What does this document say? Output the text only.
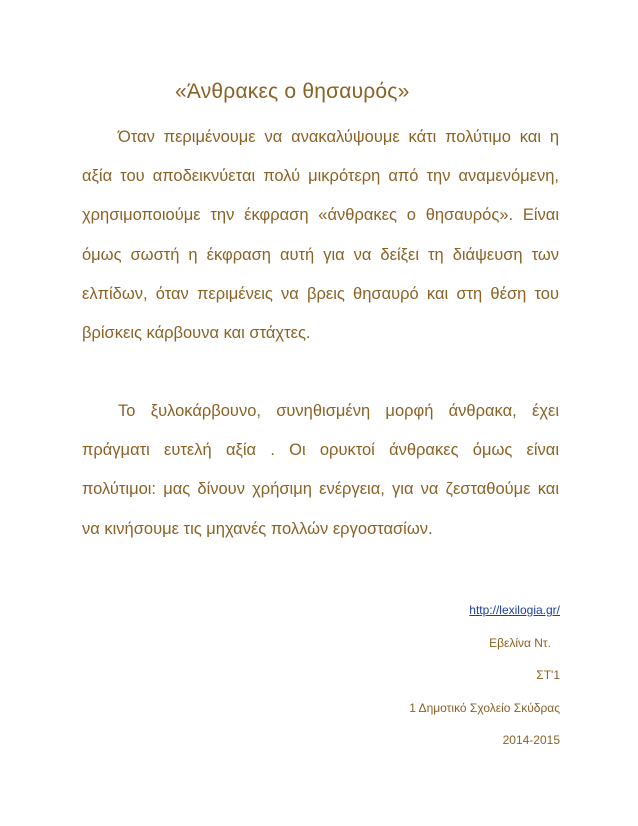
«Άνθρακες ο θησαυρός»

Όταν περιμένουμε να ανακαλύψουμε κάτι πολύτιμο και η αξία του αποδεικνύεται πολύ μικρότερη από την αναμενόμενη, χρησιμοποιούμε την έκφραση «άνθρακες ο θησαυρός». Είναι όμως σωστή η έκφραση αυτή για να δείξει τη διάψευση των ελπίδων, όταν περιμένεις να βρεις θησαυρό και στη θέση του βρίσκεις κάρβουνα και στάχτες.

Το ξυλοκάρβουνο, συνηθισμένη μορφή άνθρακα, έχει πράγματι ευτελή αξία . Οι ορυκτοί άνθρακες όμως είναι πολύτιμοι: μας δίνουν χρήσιμη ενέργεια, για να ζεσταθούμε και να κινήσουμε τις μηχανές πολλών εργοστασίων.

http://lexilogia.gr/
Εβελίνα Ντ.
ΣΤ'1
1 Δημοτικό Σχολείο Σκύδρας
2014-2015
